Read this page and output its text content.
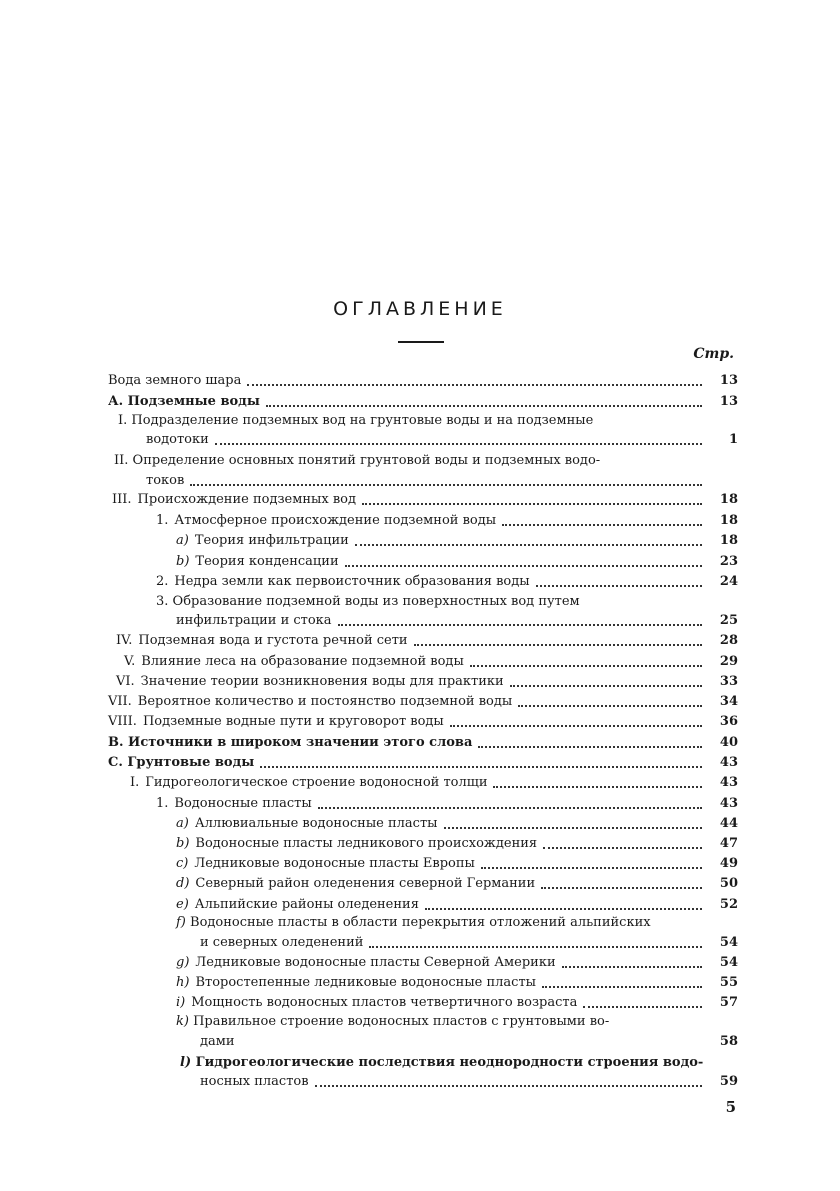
ОГЛАВЛЕНИЕ
Стр.
Вода земного шара	13
А. Подземные воды	13
I. Подразделение подземных вод на грунтовые воды и на подземные
водотоки	1
II. Определение основных понятий грунтовой воды и подземных водо-
токов
III. Происхождение подземных вод	18
1. Атмосферное происхождение подземной воды	18
a) Теория инфильтрации	18
b) Теория конденсации	23
2. Недра земли как первоисточник образования воды	24
3. Образование подземной воды из поверхностных вод путем
инфильтрации и стока	25
IV. Подземная вода и густота речной сети	28
V. Влияние леса на образование подземной воды	29
VI. Значение теории возникновения воды для практики	33
VII. Вероятное количество и постоянство подземной воды	34
VIII. Подземные водные пути и круговорот воды	36
В. Источники в широком значении этого слова	40
С. Грунтовые воды	43
I. Гидрогеологическое строение водоносной толщи	43
1. Водоносные пласты	43
a) Аллювиальные водоносные пласты	44
b) Водоносные пласты ледникового происхождения	47
c) Ледниковые водоносные пласты Европы	49
d) Северный район оледенения северной Германии	50
e) Альпийские районы оледенения	52
f) Водоносные пласты в области перекрытия отложений альпийских
и северных оледенений	54
g) Ледниковые водоносные пласты Северной Америки	54
h) Второстепенные ледниковые водоносные пласты	55
i) Мощность водоносных пластов четвертичного возраста	57
k) Правильное строение водоносных пластов с грунтовыми во-
дами	58
l) Гидрогеологические последствия неоднородности строения водо-
носных пластов	59
5
